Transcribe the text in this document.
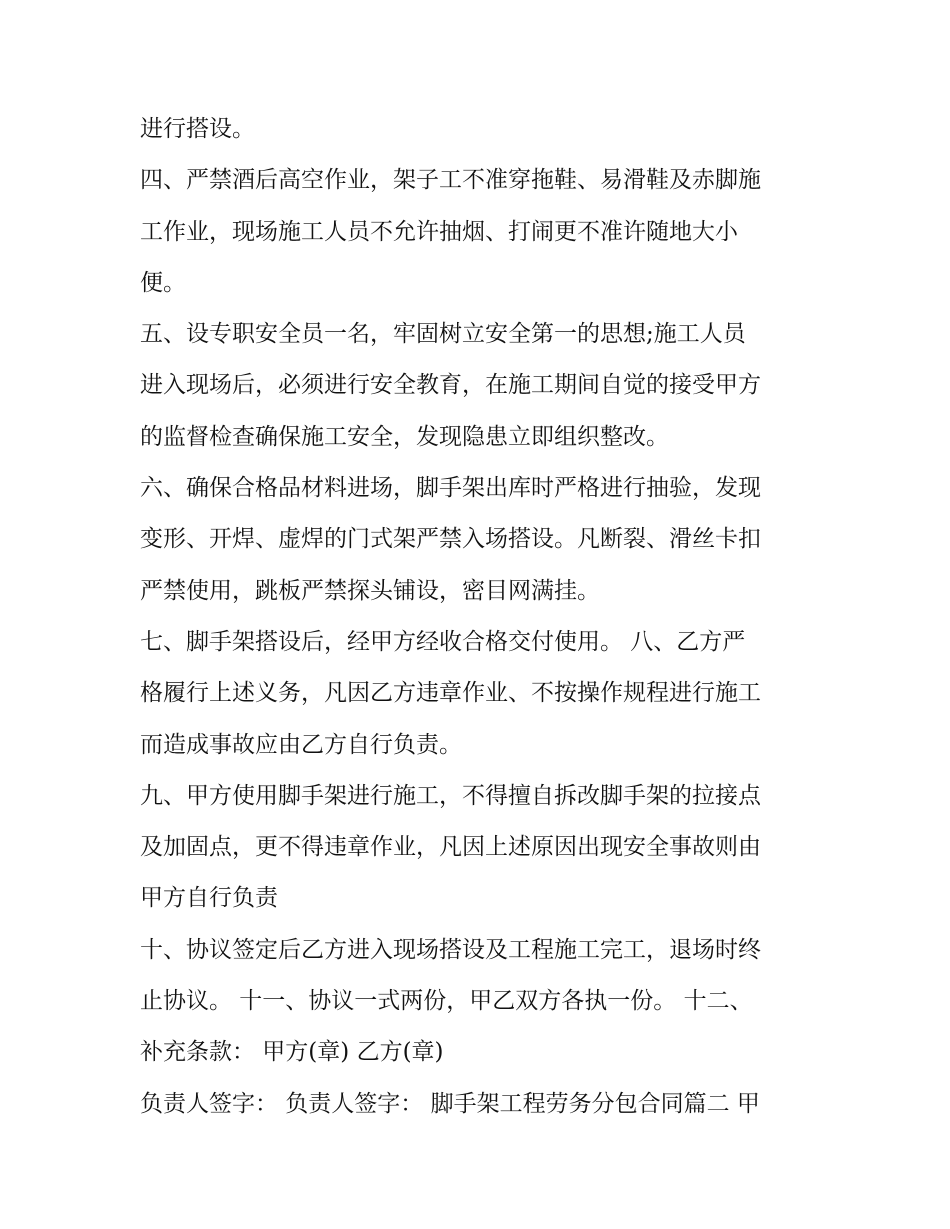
进行搭设。
四、严禁酒后高空作业，架子工不准穿拖鞋、易滑鞋及赤脚施
工作业，现场施工人员不允许抽烟、打闹更不准许随地大小
便。
五、设专职安全员一名，牢固树立安全第一的思想;施工人员
进入现场后，必须进行安全教育，在施工期间自觉的接受甲方
的监督检查确保施工安全，发现隐患立即组织整改。
六、确保合格品材料进场，脚手架出库时严格进行抽验，发现
变形、开焊、虚焊的门式架严禁入场搭设。凡断裂、滑丝卡扣
严禁使用，跳板严禁探头铺设，密目网满挂。
七、脚手架搭设后，经甲方经收合格交付使用。 八、乙方严
格履行上述义务，凡因乙方违章作业、不按操作规程进行施工
而造成事故应由乙方自行负责。
九、甲方使用脚手架进行施工，不得擅自拆改脚手架的拉接点
及加固点，更不得违章作业，凡因上述原因出现安全事故则由
甲方自行负责
十、协议签定后乙方进入现场搭设及工程施工完工，退场时终
止协议。 十一、协议一式两份，甲乙双方各执一份。 十二、
补充条款： 甲方(章) 乙方(章)
负责人签字： 负责人签字： 脚手架工程劳务分包合同篇二 甲
